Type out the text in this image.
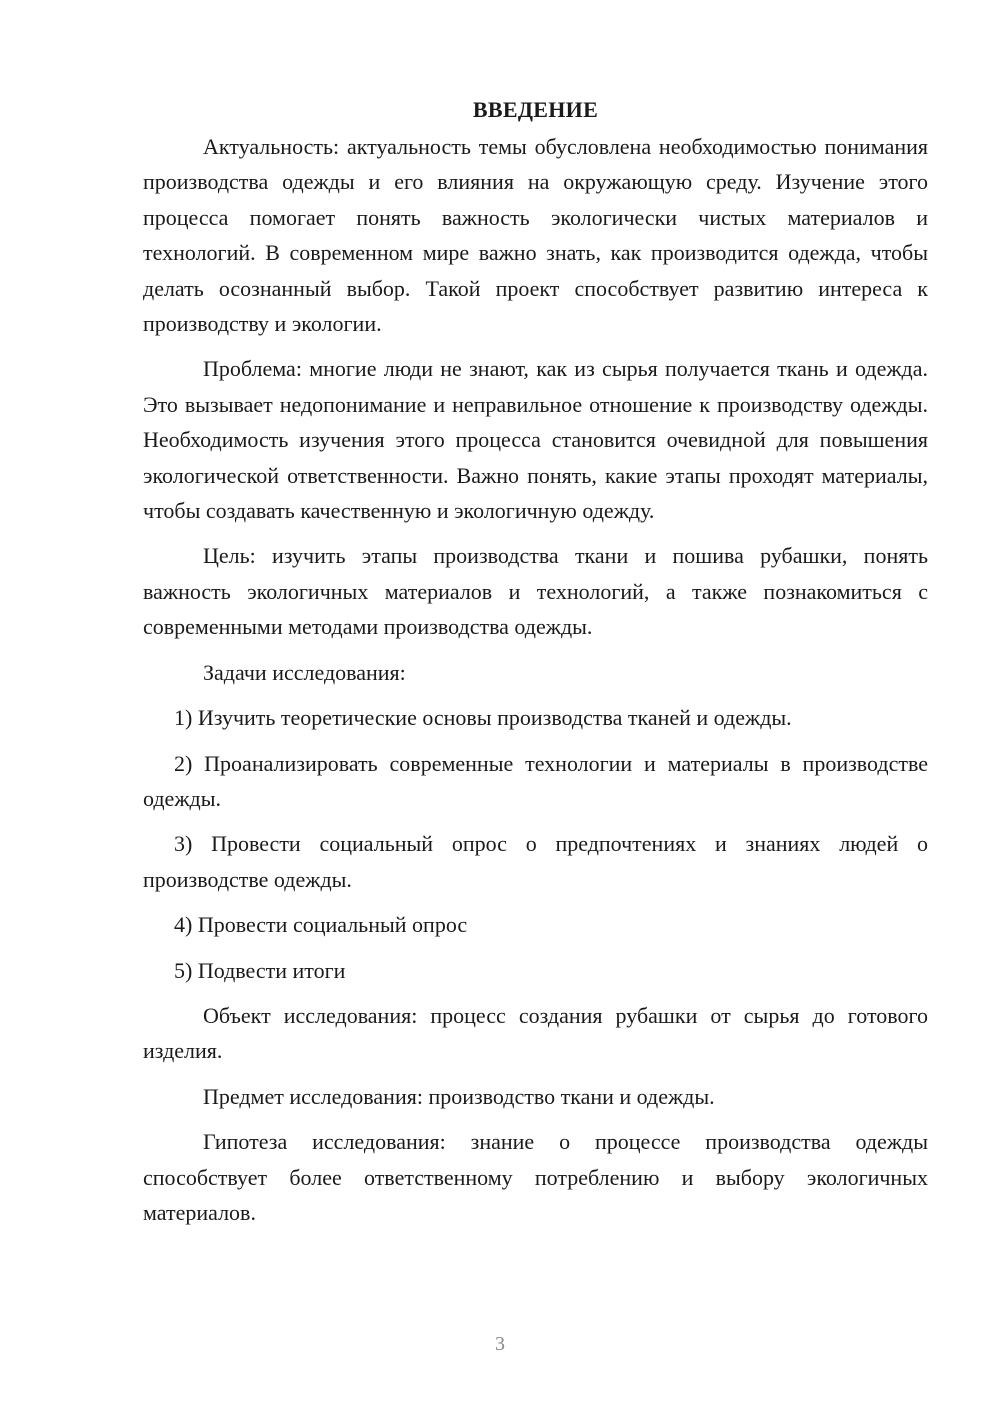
ВВЕДЕНИЕ

Актуальность: актуальность темы обусловлена необходимостью понимания производства одежды и его влияния на окружающую среду. Изучение этого процесса помогает понять важность экологически чистых материалов и технологий. В современном мире важно знать, как производится одежда, чтобы делать осознанный выбор. Такой проект способствует развитию интереса к производству и экологии.

Проблема: многие люди не знают, как из сырья получается ткань и одежда. Это вызывает недопонимание и неправильное отношение к производству одежды. Необходимость изучения этого процесса становится очевидной для повышения экологической ответственности. Важно понять, какие этапы проходят материалы, чтобы создавать качественную и экологичную одежду.

Цель: изучить этапы производства ткани и пошива рубашки, понять важность экологичных материалов и технологий, а также познакомиться с современными методами производства одежды.

Задачи исследования:

1) Изучить теоретические основы производства тканей и одежды.

2) Проанализировать современные технологии и материалы в производстве одежды.

3) Провести социальный опрос о предпочтениях и знаниях людей о производстве одежды.

4) Провести социальный опрос

5) Подвести итоги

Объект исследования: процесс создания рубашки от сырья до готового изделия.

Предмет исследования: производство ткани и одежды.

Гипотеза исследования: знание о процессе производства одежды способствует более ответственному потреблению и выбору экологичных материалов.

3
